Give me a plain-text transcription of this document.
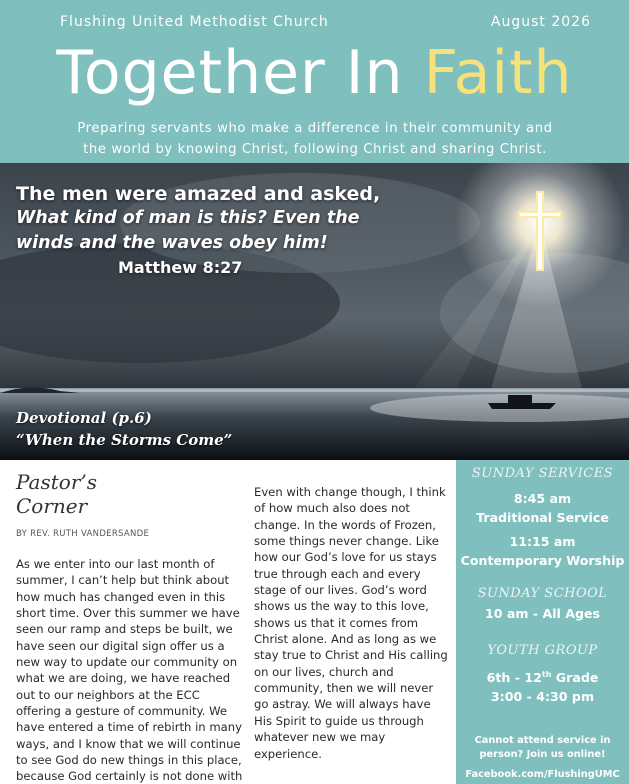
Flushing United Methodist Church	August 2026
Together In Faith
Preparing servants who make a difference in their community and
the world by knowing Christ, following Christ and sharing Christ.
The men were amazed and asked,
What kind of man is this? Even the
winds and the waves obey him!
Matthew 8:27
Devotional (p.6)
“When the Storms Come”
Pastor’s
Corner
BY REV. RUTH VANDERSANDE
As we enter into our last month of
summer, I can’t help but think about
how much has changed even in this
short time. Over this summer we have
seen our ramp and steps be built, we
have seen our digital sign offer us a
new way to update our community on
what we are doing, we have reached
out to our neighbors at the ECC
offering a gesture of community. We
have entered a time of rebirth in many
ways, and I know that we will continue
to see God do new things in this place,
because God certainly is not done with
Even with change though, I think
of how much also does not
change. In the words of Frozen,
some things never change. Like
how our God’s love for us stays
true through each and every
stage of our lives. God’s word
shows us the way to this love,
shows us that it comes from
Christ alone. And as long as we
stay true to Christ and His calling
on our lives, church and
community, then we will never
go astray. We will always have
His Spirit to guide us through
whatever new we may
experience.
SUNDAY SERVICES
8:45 am
Traditional Service
11:15 am
Contemporary Worship
SUNDAY SCHOOL
10 am - All Ages
YOUTH GROUP
6th - 12th Grade
3:00 - 4:30 pm
Cannot attend service in
person? Join us online!
Facebook.com/FlushingUMC
